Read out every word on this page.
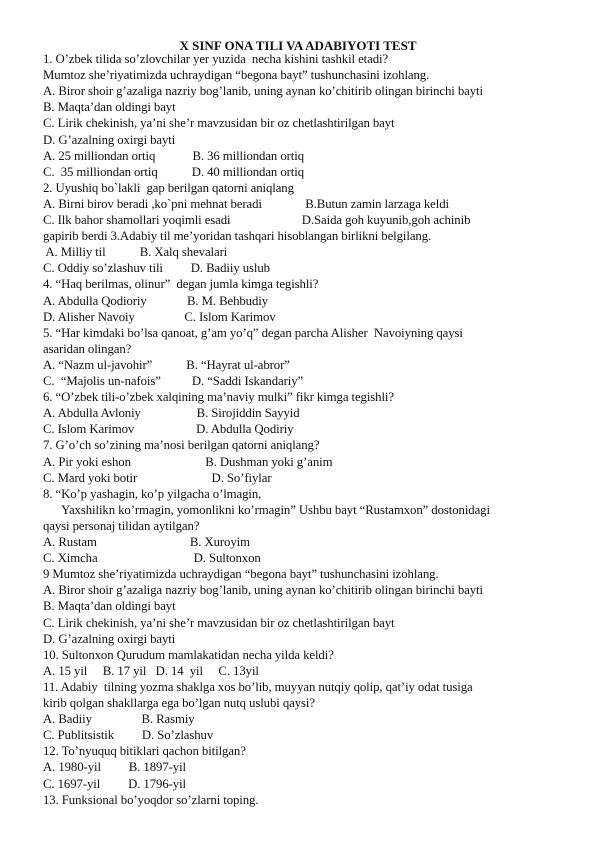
X SINF ONA TILI VA ADABIYOTI TEST
1. O’zbek tilida so’zlovchilar yer yuzida  necha kishini tashkil etadi?
Mumtoz she’riyatimizda uchraydigan “begona bayt” tushunchasini izohlang.
A. Biror shoir g’azaliga nazriy bog’lanib, uning aynan ko’chitirib olingan birinchi bayti
B. Maqta’dan oldingi bayt
C. Lirik chekinish, ya’ni she’r mavzusidan bir oz chetlashtirilgan bayt
D. G’azalning oxirgi bayti
A. 25 milliondan ortiq            B. 36 milliondan ortiq
C.  35 milliondan ortiq           D. 40 milliondan ortiq
2. Uyushiq bo`lakli  gap berilgan qatorni aniqlang
A. Birni birov beradi ,ko`pni mehnat beradi              B.Butun zamin larzaga keldi
C. Ilk bahor shamollari yoqimli esadi                       D.Saida goh kuyunib,goh achinib
gapirib berdi 3.Adabiy til me’yoridan tashqari hisoblangan birlikni belgilang.
A. Milliy til           B. Xalq shevalari
C. Oddiy so’zlashuv tili         D. Badiiy uslub
4. “Haq berilmas, olinur”  degan jumla kimga tegishli?
A. Abdulla Qodioriy             B. M. Behbudiy
D. Alisher Navoiy                C. Islom Karimov
5. “Har kimdaki bo’lsa qanoat, g’am yo’q” degan parcha Alisher  Navoiyning qaysi
asaridan olingan?
A. “Nazm ul-javohir”           B. “Hayrat ul-abror”
C.  “Majolis un-nafois”          D. “Saddi Iskandariy”
6. “O’zbek tili-o’zbek xalqining ma’naviy mulki” fikr kimga tegishli?
A. Abdulla Avloniy                  B. Sirojiddin Sayyid
C. Islom Karimov                    D. Abdulla Qodiriy
7. G’o’ch so’zining ma’nosi berilgan qatorni aniqlang?
A. Pir yoki eshon                        B. Dushman yoki g’anim
C. Mard yoki botir                        D. So’fiylar
8. “Ko’p yashagin, ko’p yilgacha o’lmagin,
Yaxshilikn ko’rmagin, yomonlikni ko’rmagin” Ushbu bayt “Rustamxon” dostonidagi
qaysi personaj tilidan aytilgan?
A. Rustam                              B. Xuroyim
C. Ximcha                               D. Sultonxon
9 Mumtoz she’riyatimizda uchraydigan “begona bayt” tushunchasini izohlang.
A. Biror shoir g’azaliga nazriy bog’lanib, uning aynan ko’chitirib olingan birinchi bayti
B. Maqta’dan oldingi bayt
C. Lirik chekinish, ya’ni she’r mavzusidan bir oz chetlashtirilgan bayt
D. G’azalning oxirgi bayti
10. Sultonxon Qurudum mamlakatidan necha yilda keldi?
A. 15 yil     B. 17 yil   D. 14  yil     C. 13yil
11. Adabiy  tilning yozma shaklga xos bo’lib, muyyan nutqiy qolip, qat’iy odat tusiga
kirib qolgan shakllarga ega bo’lgan nutq uslubi qaysi?
A. Badiiy                B. Rasmiy
C. Publitsistik         D. So’zlashuv
12. To’nyuquq bitiklari qachon bitilgan?
A. 1980-yil         B. 1897-yil
C. 1697-yil         D. 1796-yil
13. Funksional bo’yoqdor so’zlarni toping.
